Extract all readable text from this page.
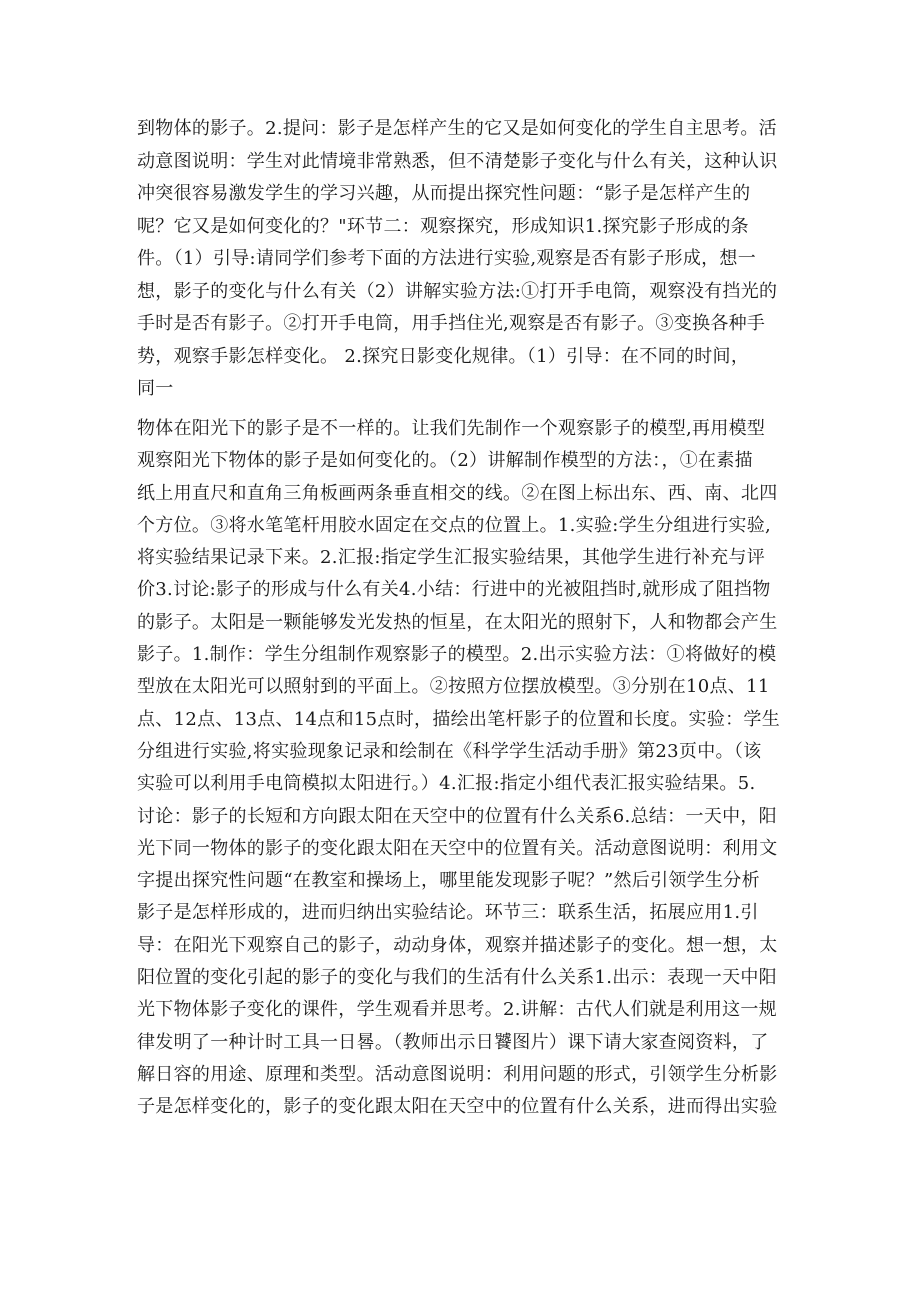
到物体的影子。2.提问：影子是怎样产生的它又是如何变化的学生自主思考。活
动意图说明：学生对此情境非常熟悉，但不清楚影子变化与什么有关，这种认识
冲突很容易激发学生的学习兴趣，从而提出探究性问题：“影子是怎样产生的
呢？它又是如何变化的？"环节二：观察探究，形成知识1.探究影子形成的条
件。（1）引导:请同学们参考下面的方法进行实验,观察是否有影子形成，想一
想，影子的变化与什么有关（2）讲解实验方法:①打开手电筒，观察没有挡光的
手时是否有影子。②打开手电筒，用手挡住光,观察是否有影子。③变换各种手
势，观察手影怎样变化。 2.探究日影变化规律。（1）引导：在不同的时间，
同一
物体在阳光下的影子是不一样的。让我们先制作一个观察影子的模型,再用模型
观察阳光下物体的影子是如何变化的。（2）讲解制作模型的方法：，①在素描
纸上用直尺和直角三角板画两条垂直相交的线。②在图上标出东、西、南、北四
个方位。③将水笔笔杆用胶水固定在交点的位置上。1.实验:学生分组进行实验,
将实验结果记录下来。2.汇报:指定学生汇报实验结果，其他学生进行补充与评
价3.讨论:影子的形成与什么有关4.小结：行进中的光被阻挡时,就形成了阻挡物
的影子。太阳是一颗能够发光发热的恒星，在太阳光的照射下，人和物都会产生
影子。1.制作：学生分组制作观察影子的模型。2.出示实验方法：①将做好的模
型放在太阳光可以照射到的平面上。②按照方位摆放模型。③分别在10点、11
点、12点、13点、14点和15点时，描绘出笔杆影子的位置和长度。实验：学生
分组进行实验,将实验现象记录和绘制在《科学学生活动手册》第23页中。（该
实验可以利用手电筒模拟太阳进行。）4.汇报:指定小组代表汇报实验结果。5.
讨论：影子的长短和方向跟太阳在天空中的位置有什么关系6.总结：一天中，阳
光下同一物体的影子的变化跟太阳在天空中的位置有关。活动意图说明：利用文
字提出探究性问题“在教室和操场上，哪里能发现影子呢？”然后引领学生分析
影子是怎样形成的，进而归纳出实验结论。环节三：联系生活，拓展应用1.引
导：在阳光下观察自己的影子，动动身体，观察并描述影子的变化。想一想，太
阳位置的变化引起的影子的变化与我们的生活有什么关系1.出示：表现一天中阳
光下物体影子变化的课件，学生观看并思考。2.讲解：古代人们就是利用这一规
律发明了一种计时工具一日晷。（教师出示日饕图片）课下请大家查阅资料，了
解日容的用途、原理和类型。活动意图说明：利用问题的形式，引领学生分析影
子是怎样变化的，影子的变化跟太阳在天空中的位置有什么关系，进而得出实验
